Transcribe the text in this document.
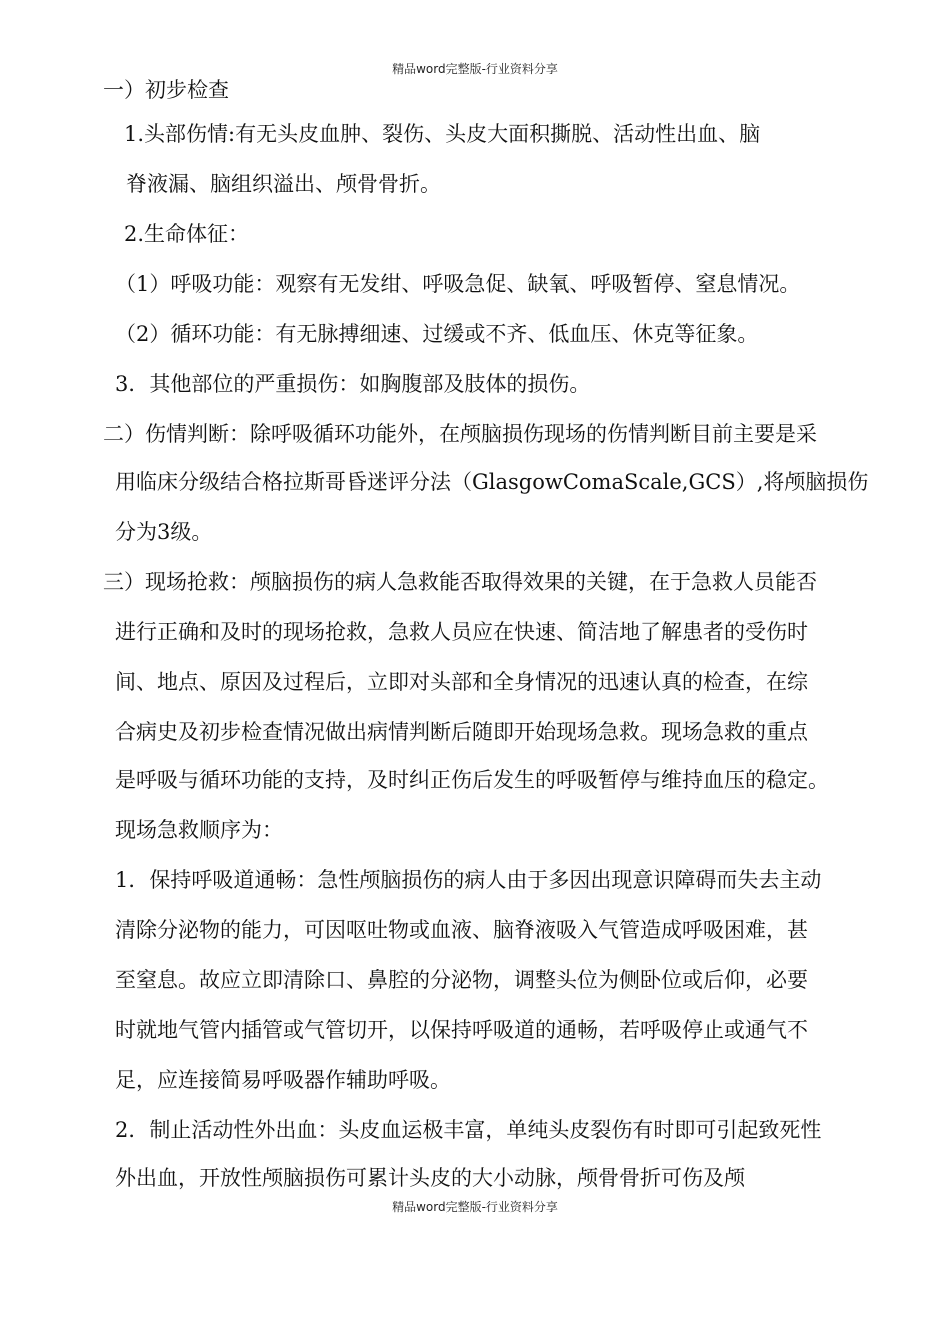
精品word完整版-行业资料分享
一）初步检查
1.头部伤情:有无头皮血肿、裂伤、头皮大面积撕脱、活动性出血、脑
脊液漏、脑组织溢出、颅骨骨折。
2.生命体征：
（1）呼吸功能：观察有无发绀、呼吸急促、缺氧、呼吸暂停、窒息情况。
（2）循环功能：有无脉搏细速、过缓或不齐、低血压、休克等征象。
3．其他部位的严重损伤：如胸腹部及肢体的损伤。
二）伤情判断：除呼吸循环功能外，在颅脑损伤现场的伤情判断目前主要是采
用临床分级结合格拉斯哥昏迷评分法（GlasgowComaScale,GCS）,将颅脑损伤
分为3级。
三）现场抢救：颅脑损伤的病人急救能否取得效果的关键，在于急救人员能否
进行正确和及时的现场抢救，急救人员应在快速、简洁地了解患者的受伤时
间、地点、原因及过程后，立即对头部和全身情况的迅速认真的检查，在综
合病史及初步检查情况做出病情判断后随即开始现场急救。现场急救的重点
是呼吸与循环功能的支持，及时纠正伤后发生的呼吸暂停与维持血压的稳定。
现场急救顺序为：
1．保持呼吸道通畅：急性颅脑损伤的病人由于多因出现意识障碍而失去主动
清除分泌物的能力，可因呕吐物或血液、脑脊液吸入气管造成呼吸困难，甚
至窒息。故应立即清除口、鼻腔的分泌物，调整头位为侧卧位或后仰，必要
时就地气管内插管或气管切开，以保持呼吸道的通畅，若呼吸停止或通气不
足，应连接简易呼吸器作辅助呼吸。
2．制止活动性外出血：头皮血运极丰富，单纯头皮裂伤有时即可引起致死性
外出血，开放性颅脑损伤可累计头皮的大小动脉，颅骨骨折可伤及颅
精品word完整版-行业资料分享
